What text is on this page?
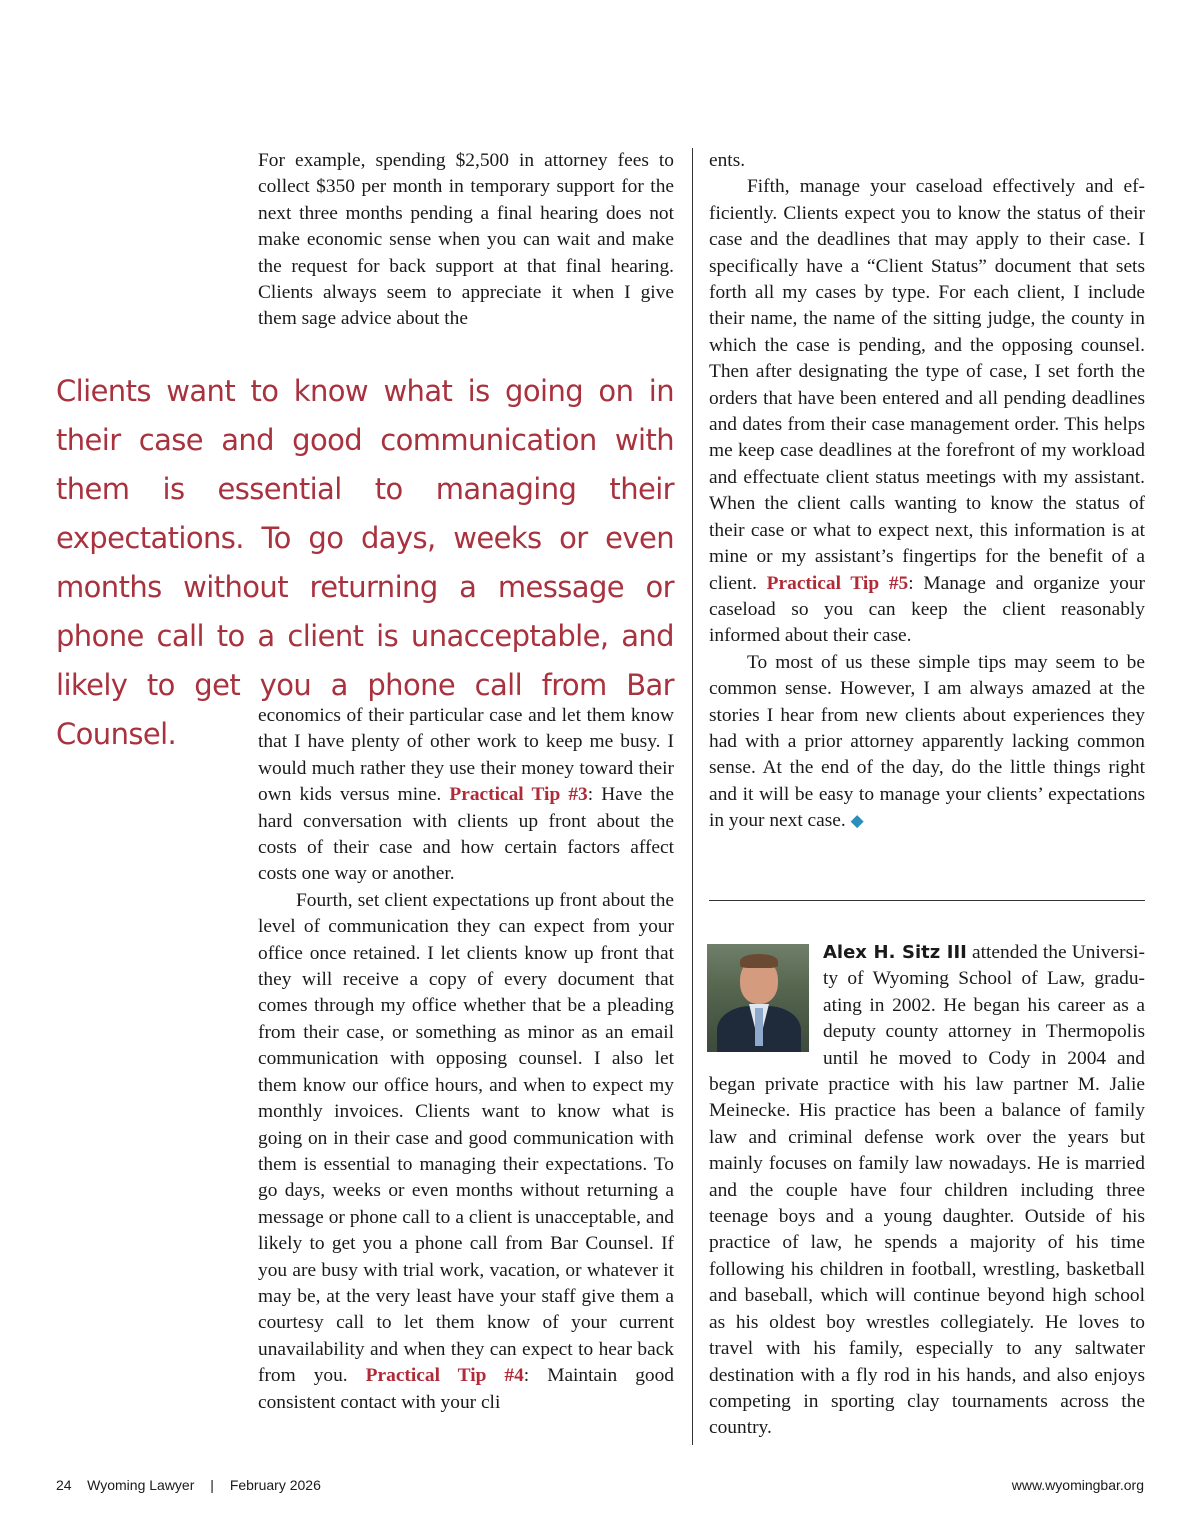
For example, spending $2,500 in attorney fees to collect $350 per month in temporary support for the next three months pending a final hearing does not make economic sense when you can wait and make the request for back support at that final hearing. Clients always seem to appreciate it when I give them sage advice about the

Clients want to know what is going on in their case and good communication with them is essential to managing their expectations. To go days, weeks or even months without returning a message or phone call to a client is unacceptable, and likely to get you a phone call from Bar Counsel.

economics of their particular case and let them know that I have plenty of other work to keep me busy. I would much rather they use their money toward their own kids versus mine. Practical Tip #3: Have the hard conversation with clients up front about the costs of their case and how certain factors affect costs one way or another.

Fourth, set client expectations up front about the level of communication they can expect from your office once retained. I let clients know up front that they will receive a copy of every document that comes through my office whether that be a pleading from their case, or something as minor as an email communication with opposing counsel. I also let them know our office hours, and when to expect my monthly invoices. Clients want to know what is going on in their case and good communication with them is essential to managing their expectations. To go days, weeks or even months without returning a message or phone call to a client is unacceptable, and likely to get you a phone call from Bar Counsel. If you are busy with trial work, vacation, or whatever it may be, at the very least have your staff give them a courtesy call to let them know of your current unavailability and when they can expect to hear back from you. Practical Tip #4: Maintain good consistent contact with your cli

ents.

Fifth, manage your caseload effectively and efficiently. Clients expect you to know the status of their case and the deadlines that may apply to their case. I specifically have a “Client Status” document that sets forth all my cases by type. For each client, I include their name, the name of the sitting judge, the county in which the case is pending, and the opposing counsel. Then after designating the type of case, I set forth the orders that have been entered and all pending deadlines and dates from their case management order. This helps me keep case deadlines at the forefront of my workload and effectuate client status meetings with my assistant. When the client calls wanting to know the status of their case or what to expect next, this information is at mine or my assistant’s fingertips for the benefit of a client. Practical Tip #5: Manage and organize your caseload so you can keep the client reasonably informed about their case.

To most of us these simple tips may seem to be common sense. However, I am always amazed at the stories I hear from new clients about experiences they had with a prior attorney apparently lacking common sense. At the end of the day, do the little things right and it will be easy to manage your clients’ expectations in your next case. ◆

Alex H. Sitz III attended the University of Wyoming School of Law, graduating in 2002. He began his career as a deputy county attorney in Thermopolis until he moved to Cody in 2004 and began private practice with his law partner M. Jalie Meinecke. His practice has been a balance of family law and criminal defense work over the years but mainly focuses on family law nowadays. He is married and the couple have four children including three teenage boys and a young daughter. Outside of his practice of law, he spends a majority of his time following his children in football, wrestling, basketball and baseball, which will continue beyond high school as his oldest boy wrestles collegiately. He loves to travel with his family, especially to any saltwater destination with a fly rod in his hands, and also enjoys competing in sporting clay tournaments across the country.
24 Wyoming Lawyer | February 2026	www.wyomingbar.org
